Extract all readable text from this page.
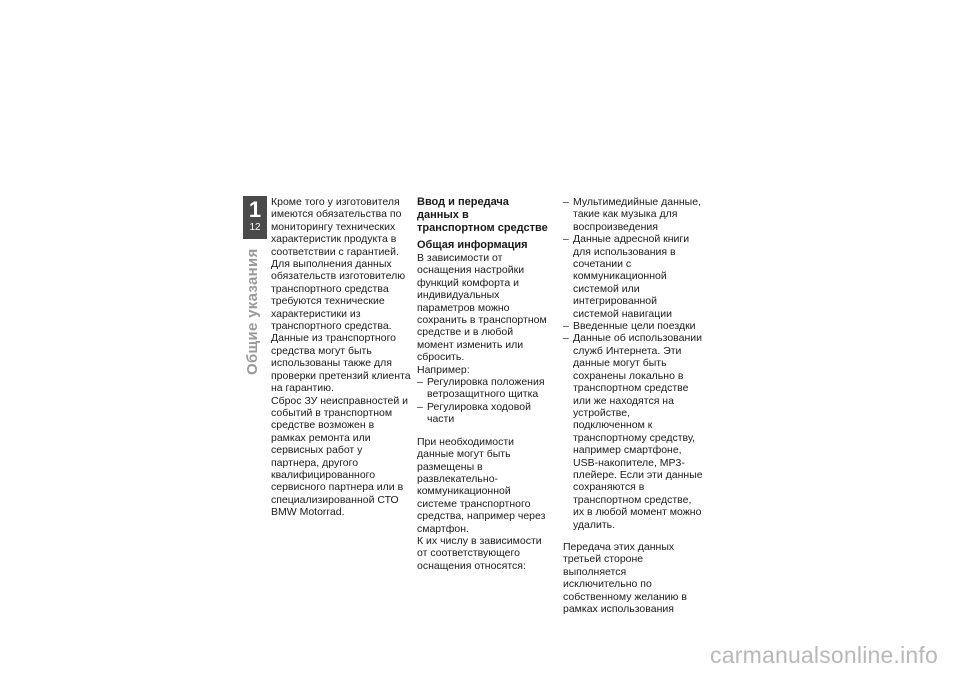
1
12
Общие указания

Кроме того у изготовителя имеются обязательства по мониторингу технических характеристик продукта в соответствии с гарантией. Для выполнения данных обязательств изготовителю транспортного средства требуются технические характеристики из транспортного средства. Данные из транспортного средства могут быть использованы также для проверки претензий клиента на гарантию.

Сброс ЗУ неисправностей и событий в транспортном средстве возможен в рамках ремонта или сервисных работ у партнера, другого квалифицированного сервисного партнера или в специализированной СТО BMW Motorrad.

Ввод и передача данных в транспортном средстве

Общая информация

В зависимости от оснащения настройки функций комфорта и индивидуальных параметров можно сохранить в транспортном средстве и в любой момент изменить или сбросить.

Например:

– Регулировка положения ветрозащитного щитка
– Регулировка ходовой части

При необходимости данные могут быть размещены в развлекательно-коммуникационной системе транспортного средства, например через смартфон.

К их числу в зависимости от соответствующего оснащения относятся:

– Мультимедийные данные, такие как музыка для воспроизведения
– Данные адресной книги для использования в сочетании с коммуникационной системой или интегрированной системой навигации
– Введенные цели поездки
– Данные об использовании служб Интернета. Эти данные могут быть сохранены локально в транспортном средстве или же находятся на устройстве, подключенном к транспортному средству, например смартфоне, USB-накопителе, MP3-плейере. Если эти данные сохраняются в транспортном средстве, их в любой момент можно удалить.

Передача этих данных третьей стороне выполняется исключительно по собственному желанию в рамках использования

carmanualsonline.info
